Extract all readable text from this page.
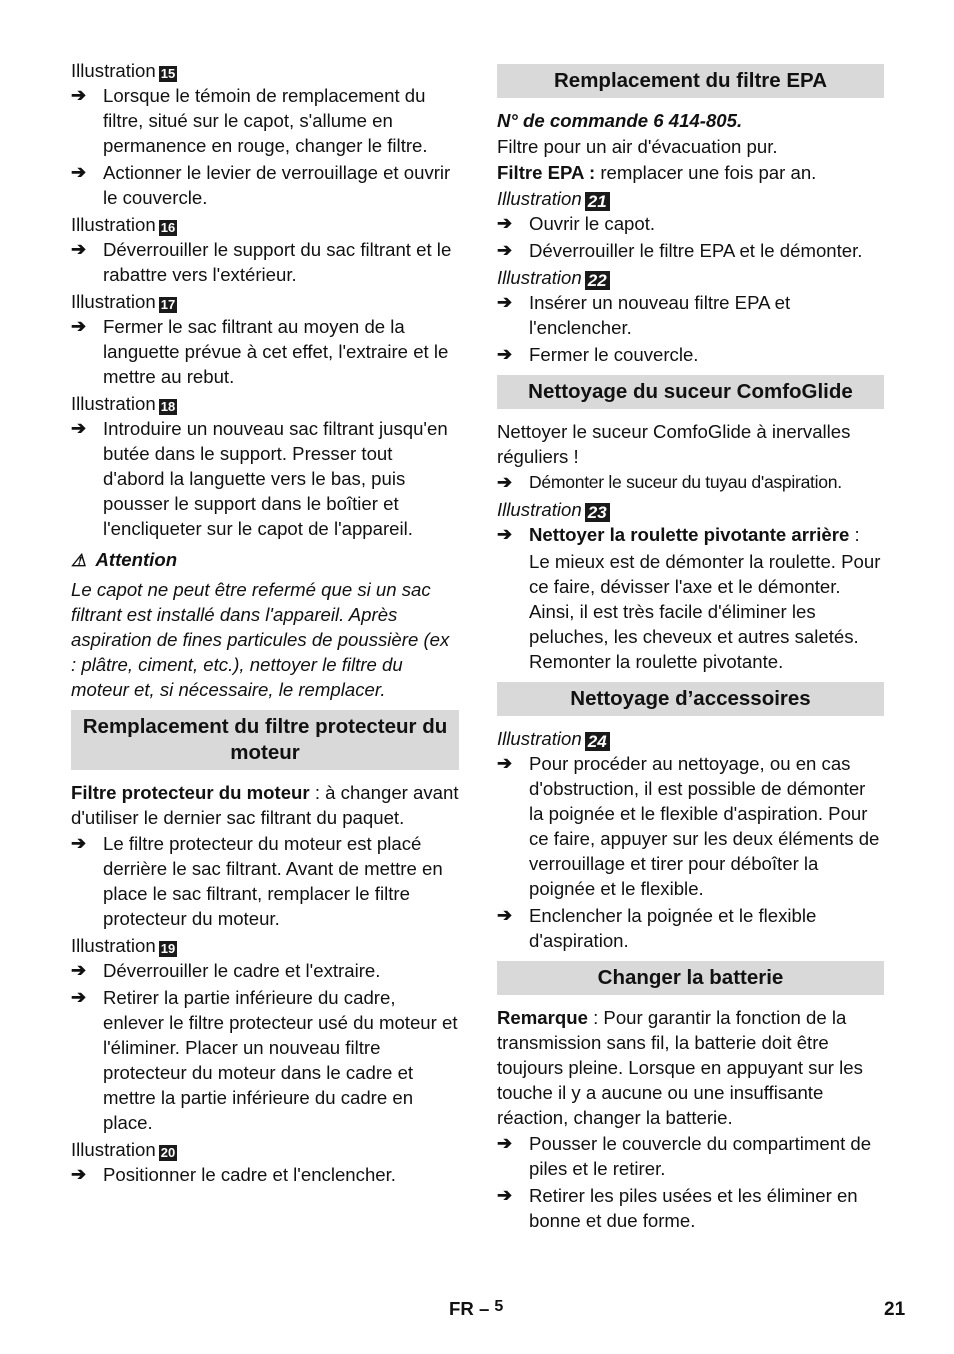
Illustration 15
➔ Lorsque le témoin de remplacement du filtre, situé sur le capot, s'allume en permanence en rouge, changer le filtre.
➔ Actionner le levier de verrouillage et ouvrir le couvercle.
Illustration 16
➔ Déverrouiller le support du sac filtrant et le rabattre vers l'extérieur.
Illustration 17
➔ Fermer le sac filtrant au moyen de la languette prévue à cet effet, l'extraire et le mettre au rebut.
Illustration 18
➔ Introduire un nouveau sac filtrant jusqu'en butée dans le support. Presser tout d'abord la languette vers le bas, puis pousser le support dans le boîtier et l'encliqueter sur le capot de l'appareil.
⚠ Attention
Le capot ne peut être refermé que si un sac filtrant est installé dans l'appareil. Après aspiration de fines particules de poussière (ex : plâtre, ciment, etc.), nettoyer le filtre du moteur et, si nécessaire, le remplacer.
Remplacement du filtre protecteur du moteur
Filtre protecteur du moteur : à changer avant d'utiliser le dernier sac filtrant du paquet.
➔ Le filtre protecteur du moteur est placé derrière le sac filtrant. Avant de mettre en place le sac filtrant, remplacer le filtre protecteur du moteur.
Illustration 19
➔ Déverrouiller le cadre et l'extraire.
➔ Retirer la partie inférieure du cadre, enlever le filtre protecteur usé du moteur et l'éliminer. Placer un nouveau filtre protecteur du moteur dans le cadre et mettre la partie inférieure du cadre en place.
Illustration 20
➔ Positionner le cadre et l'enclencher.
Remplacement du filtre EPA
N° de commande 6 414-805.
Filtre pour un air d'évacuation pur.
Filtre EPA : remplacer une fois par an.
Illustration 21
➔ Ouvrir le capot.
➔ Déverrouiller le filtre EPA et le démonter.
Illustration 22
➔ Insérer un nouveau filtre EPA et l'enclencher.
➔ Fermer le couvercle.
Nettoyage du suceur ComfoGlide
Nettoyer le suceur ComfoGlide à inervalles réguliers !
➔ Démonter le suceur du tuyau d'aspiration.
Illustration 23
➔ Nettoyer la roulette pivotante arrière :
Le mieux est de démonter la roulette. Pour ce faire, dévisser l'axe et le démonter. Ainsi, il est très facile d'éliminer les peluches, les cheveux et autres saletés. Remonter la roulette pivotante.
Nettoyage d’accessoires
Illustration 24
➔ Pour procéder au nettoyage, ou en cas d'obstruction, il est possible de démonter la poignée et le flexible d'aspiration. Pour ce faire, appuyer sur les deux éléments de verrouillage et tirer pour déboîter la poignée et le flexible.
➔ Enclencher la poignée et le flexible d'aspiration.
Changer la batterie
Remarque : Pour garantir la fonction de la transmission sans fil, la batterie doit être toujours pleine. Lorsque en appuyant sur les touche il y a aucune ou une insuffisante réaction, changer la batterie.
➔ Pousser le couvercle du compartiment de piles et le retirer.
➔ Retirer les piles usées et les éliminer en bonne et due forme.
FR – 5	21
